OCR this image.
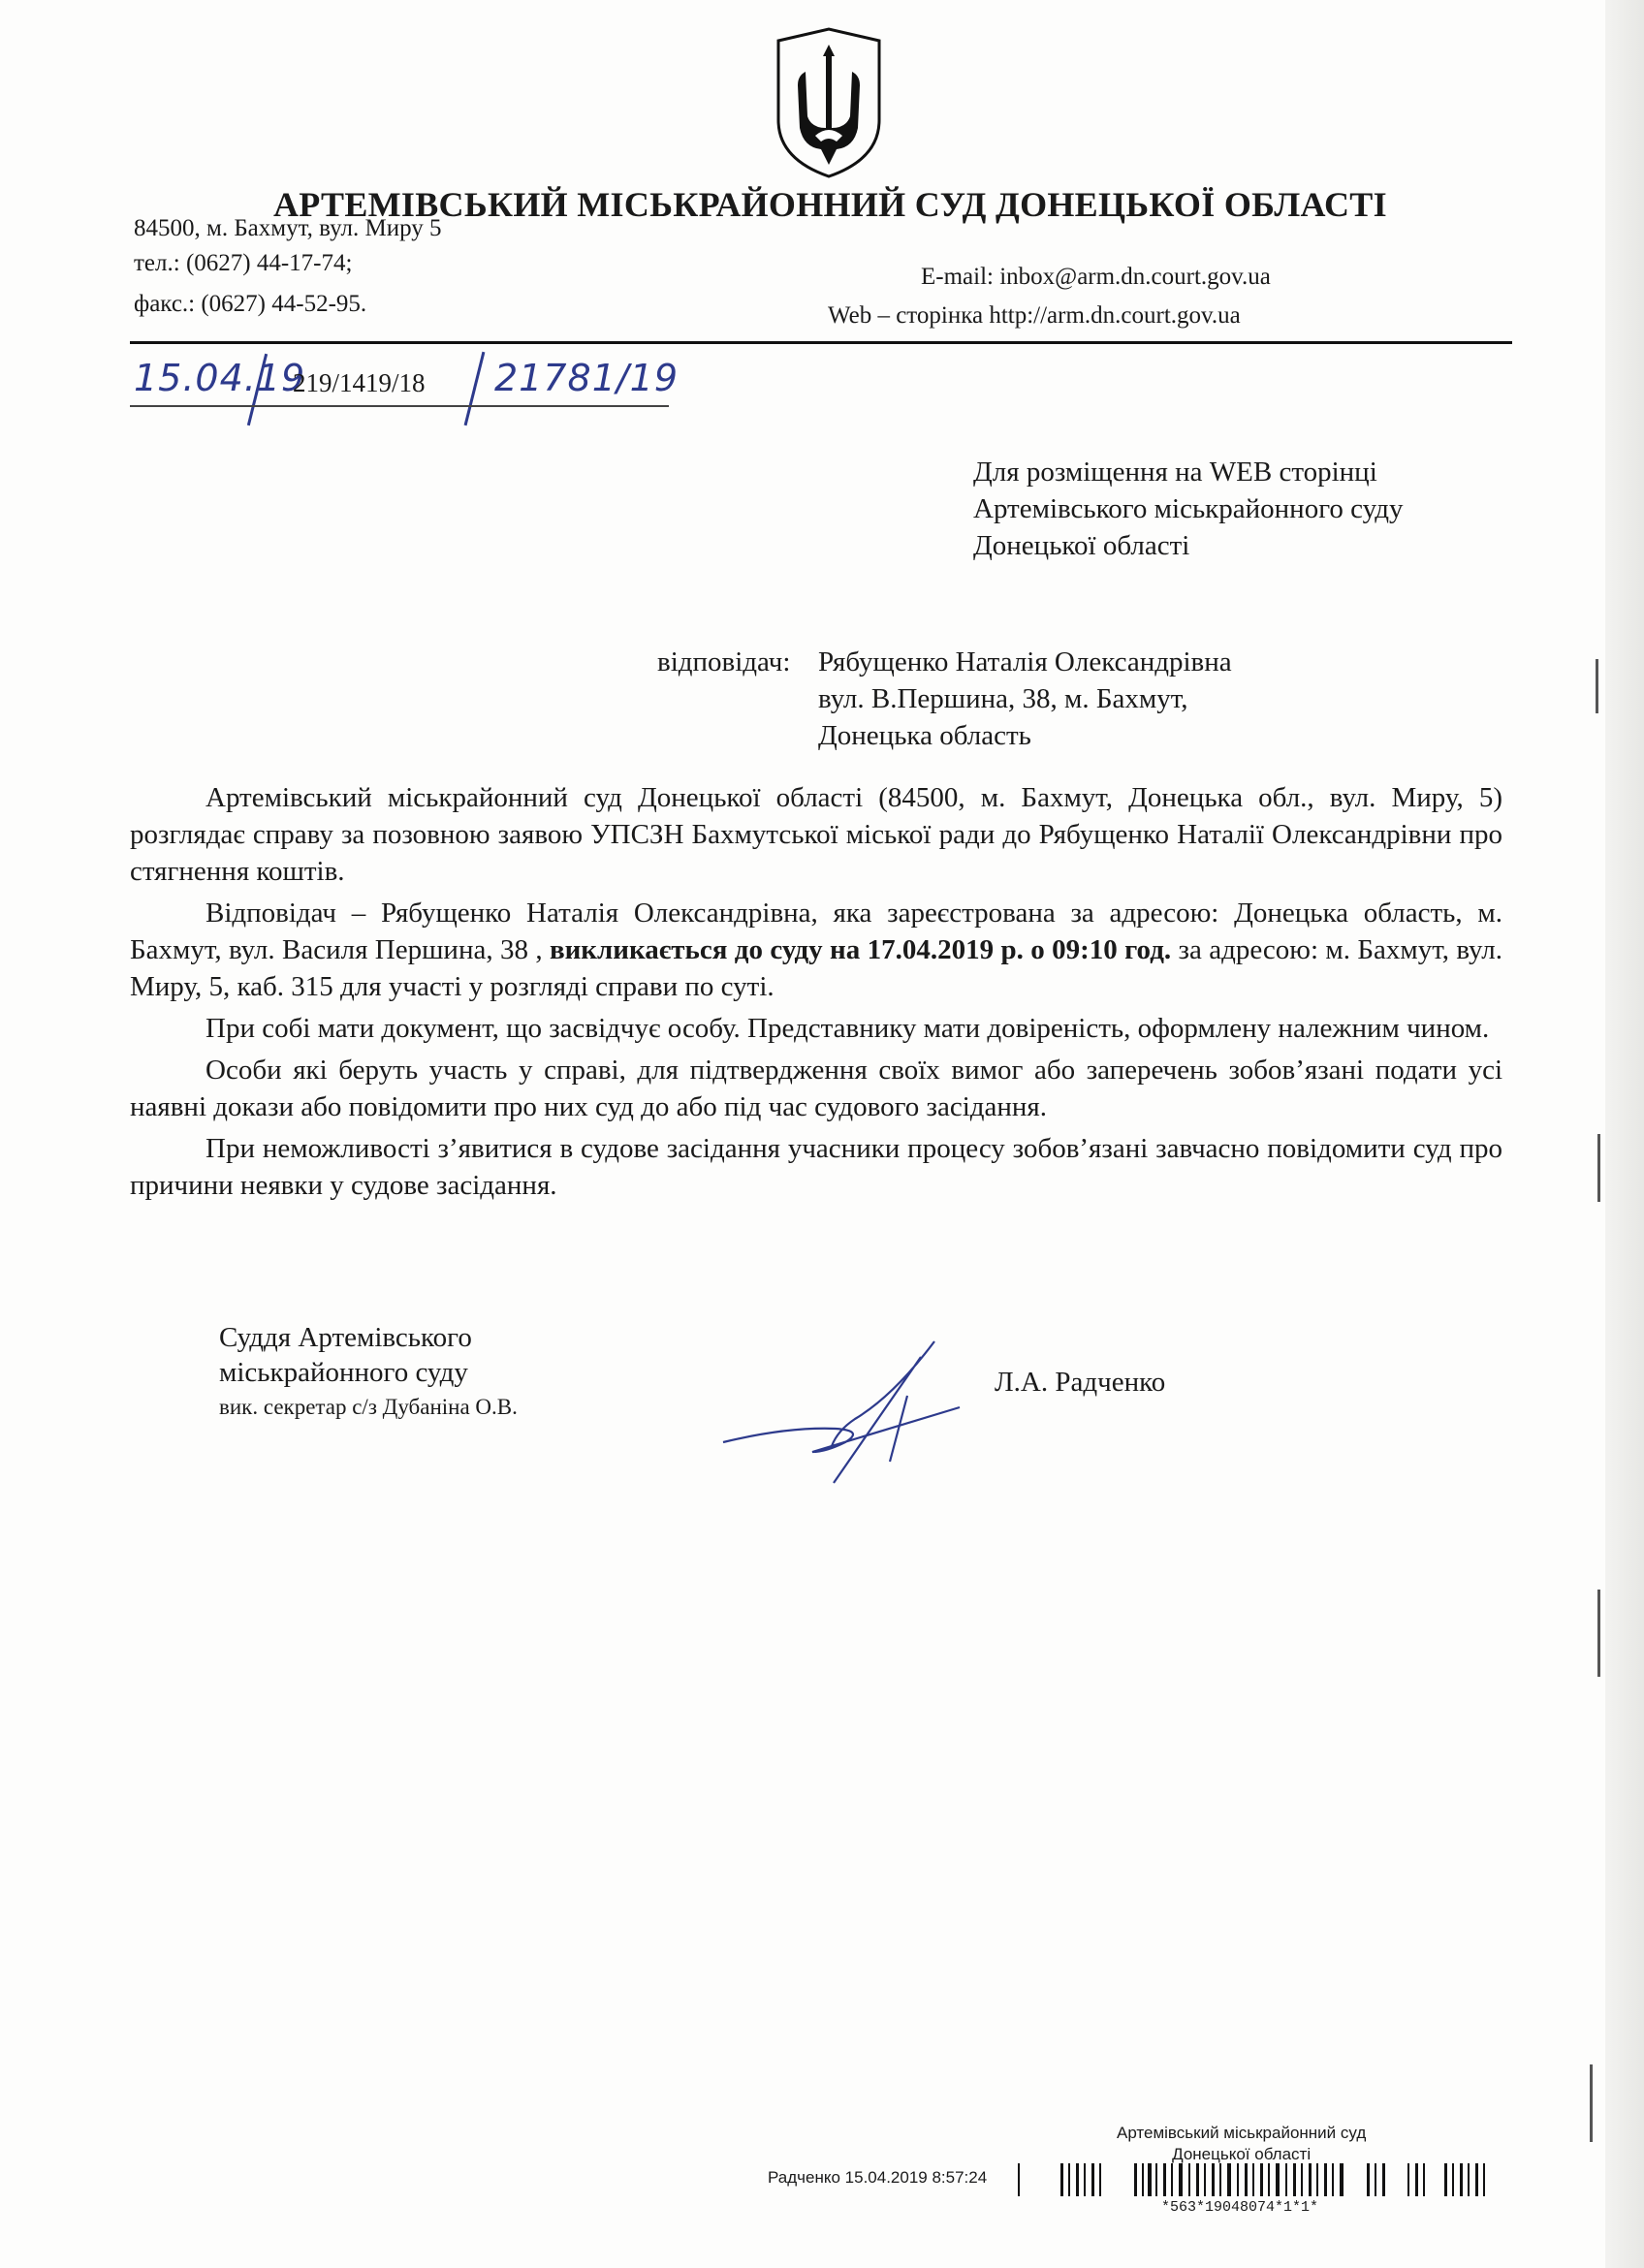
АРТЕМІВСЬКИЙ МІСЬКРАЙОННИЙ СУД ДОНЕЦЬКОЇ ОБЛАСТІ
84500, м. Бахмут, вул. Миру 5
тел.: (0627) 44-17-74;
факс.: (0627) 44-52-95.
E-mail: inbox@arm.dn.court.gov.ua
Web – сторінка http://arm.dn.court.gov.ua
15.04.19
219/1419/18 21781/19
Для розміщення на WEB сторінці
Артемівського міськрайонного суду
Донецької області
відповідач: Рябущенко Наталія Олександрівна
вул. В.Першина, 38, м. Бахмут,
Донецька область

Артемівський міськрайонний суд Донецької області (84500, м. Бахмут, Донецька обл., вул. Миру, 5) розглядає справу за позовною заявою УПСЗН Бахмутської міської ради до Рябущенко Наталії Олександрівни про стягнення коштів.

Відповідач – Рябущенко Наталія Олександрівна, яка зареєстрована за адресою: Донецька область, м. Бахмут, вул. Василя Першина, 38 , викликається до суду на 17.04.2019 р. о 09:10 год. за адресою: м. Бахмут, вул. Миру, 5, каб. 315 для участі у розгляді справи по суті.

При собі мати документ, що засвідчує особу. Представнику мати довіреність, оформлену належним чином.

Особи які беруть участь у справі, для підтвердження своїх вимог або заперечень зобов’язані подати усі наявні докази або повідомити про них суд до або під час судового засідання.

При неможливості з’явитися в судове засідання учасники процесу зобов’язані завчасно повідомити суд про причини неявки у судове засідання.

Суддя Артемівського
міськрайонного суду
вик. секретар с/з Дубаніна О.В.
Л.А. Радченко
Артемівський міськрайонний суд
Донецької області
Радченко 15.04.2019 8:57:24
*563*19048074*1*1*
